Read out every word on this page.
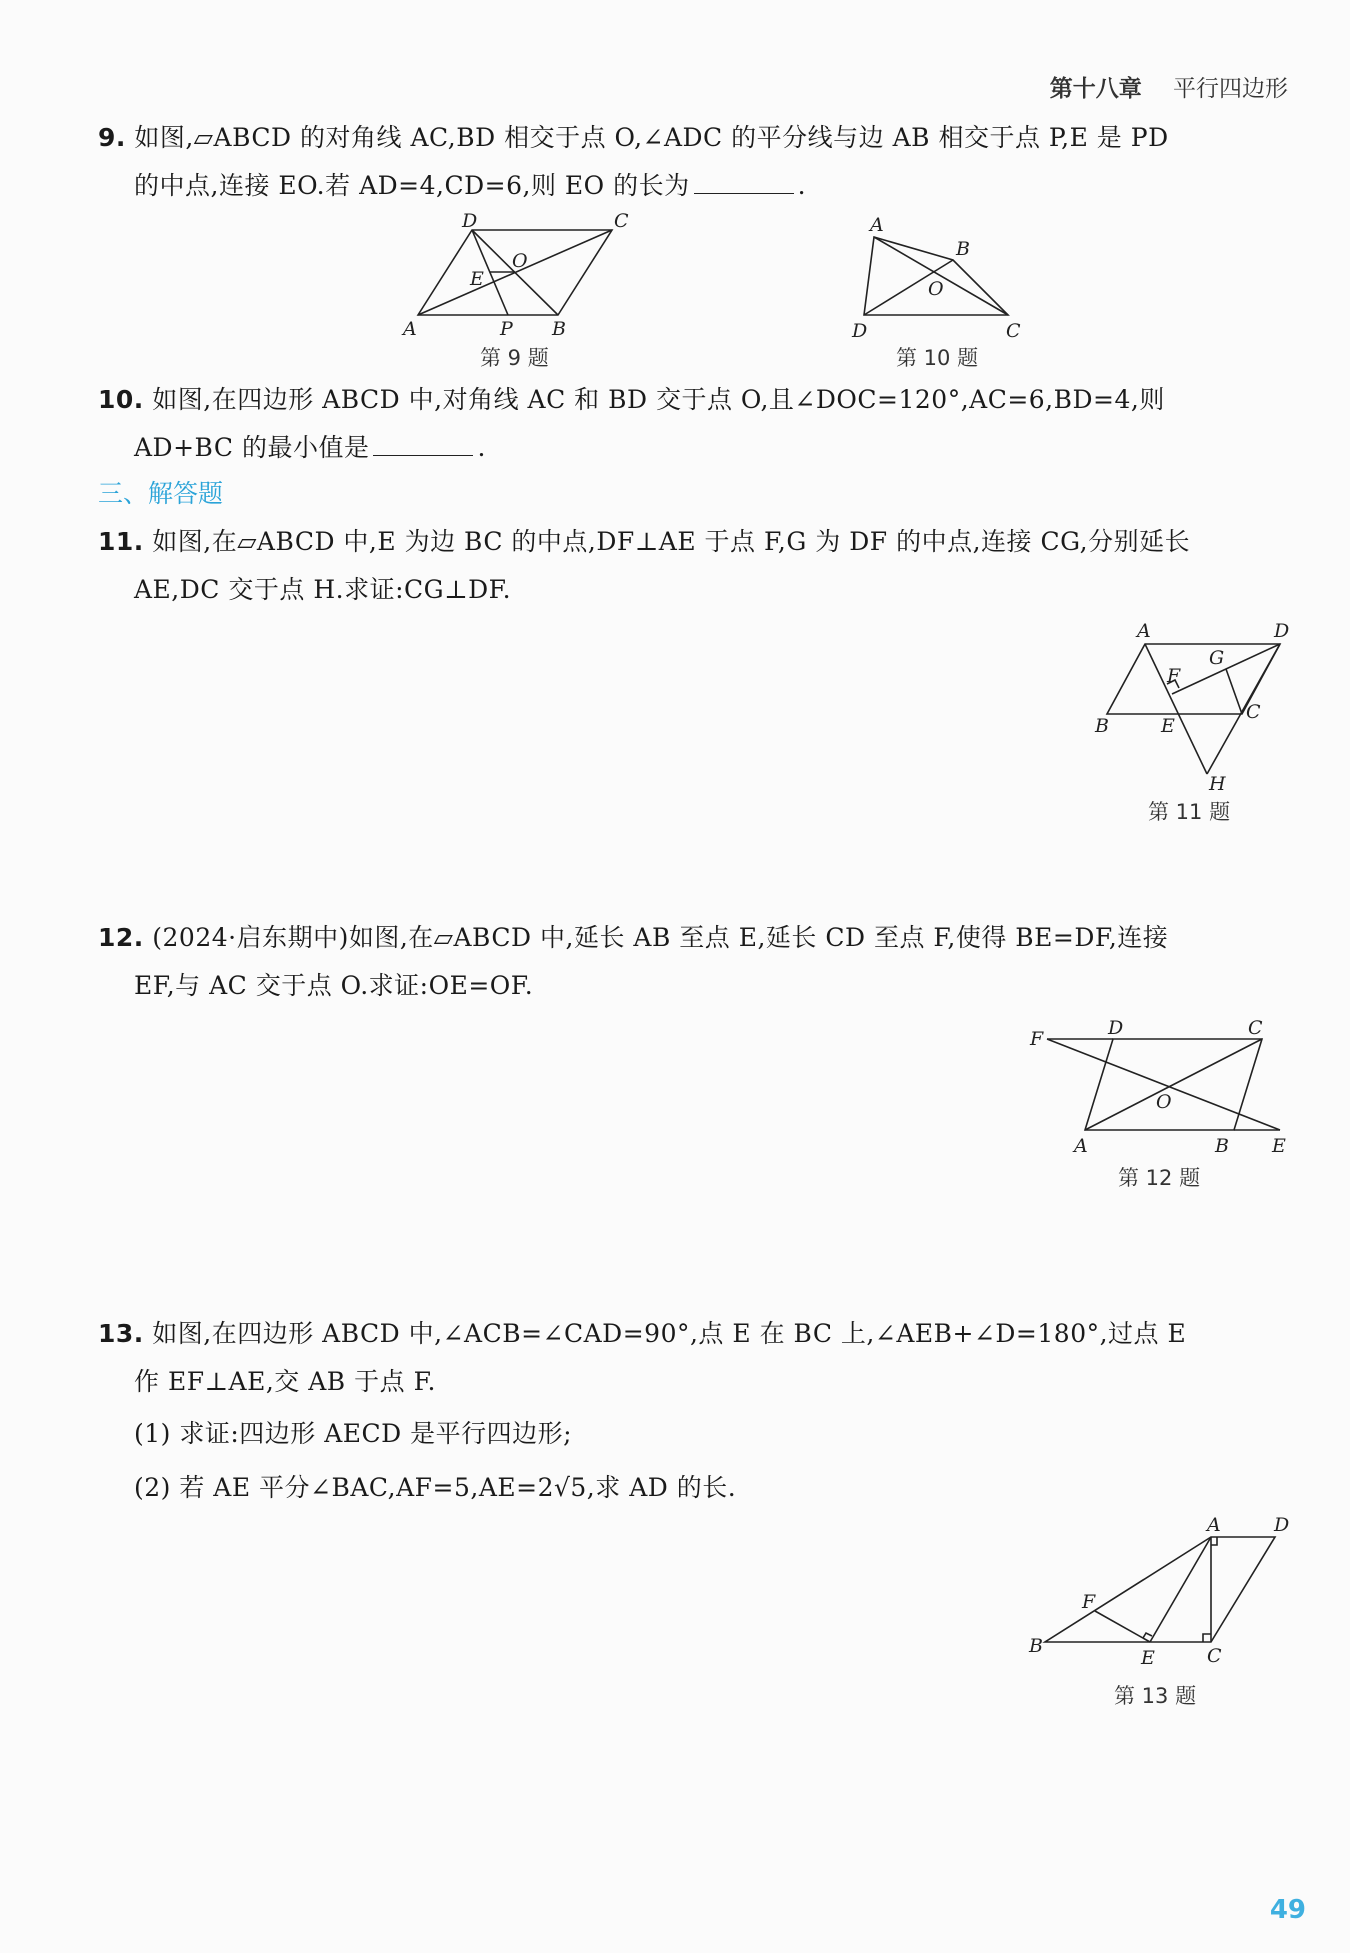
第十八章 平行四边形
9. 如图,▱ABCD 的对角线 AC,BD 相交于点 O,∠ADC 的平分线与边 AB 相交于点 P,E 是 PD
的中点,连接 EO.若 AD=4,CD=6,则 EO 的长为	.
D	C
E
O
A	P B
第 9 题
A
B
O
D	C
第 10 题
10. 如图,在四边形 ABCD 中,对角线 AC 和 BD 交于点 O,且∠DOC=120°,AC=6,BD=4,则
AD+BC 的最小值是	.
三、解答题
11. 如图,在▱ABCD 中,E 为边 BC 的中点,DF⊥AE 于点 F,G 为 DF 的中点,连接 CG,分别延长
AE,DC 交于点 H.求证:CG⊥DF.
A	D
G
F
B	E
C
H
第 11 题
12. (2024·启东期中)如图,在▱ABCD 中,延长 AB 至点 E,延长 CD 至点 F,使得 BE=DF,连接
EF,与 AC 交于点 O.求证:OE=OF.
F	D	C
O
A	B E
第 12 题
13. 如图,在四边形 ABCD 中,∠ACB=∠CAD=90°,点 E 在 BC 上,∠AEB+∠D=180°,过点 E
作 EF⊥AE,交 AB 于点 F.
(1) 求证:四边形 AECD 是平行四边形;
(2) 若 AE 平分∠BAC,AF=5,AE=2√5,求 AD 的长.
A	D
F
B
E	C
第 13 题
49
